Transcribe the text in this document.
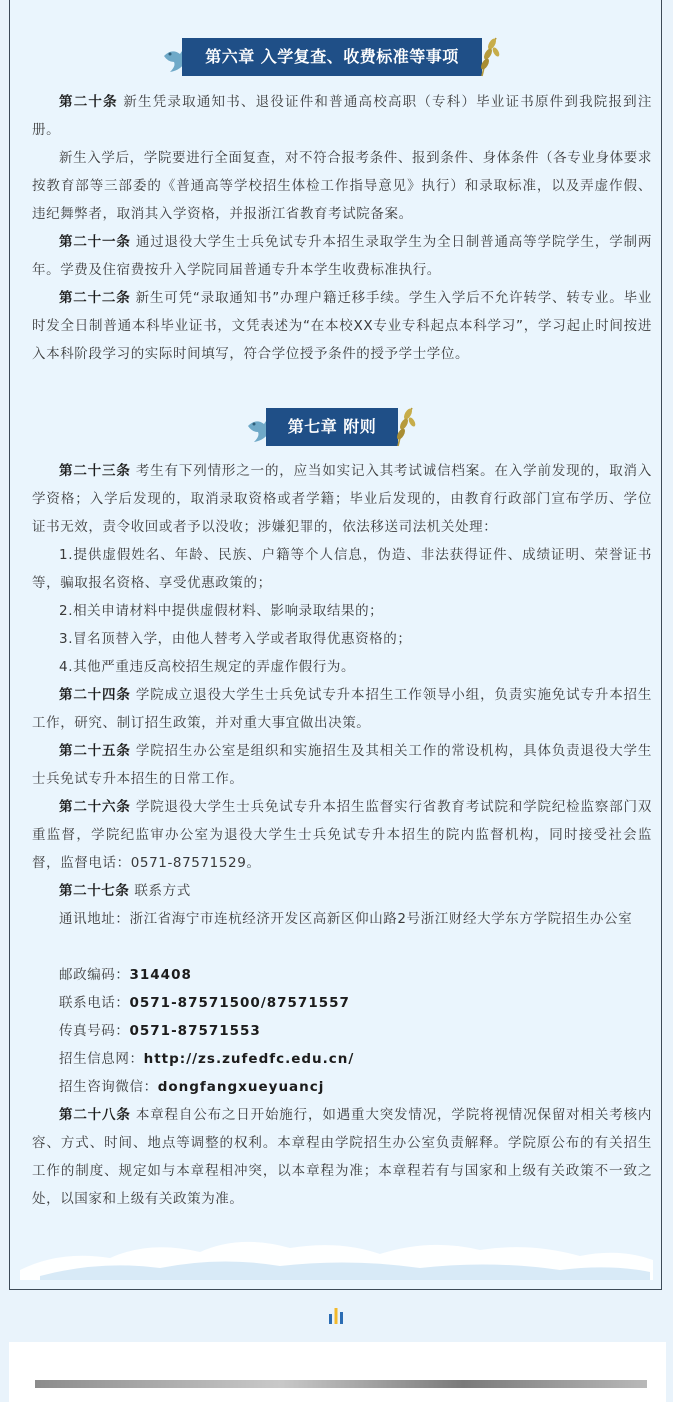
第六章 入学复查、收费标准等事项

第二十条 新生凭录取通知书、退役证件和普通高校高职（专科）毕业证书原件到我院报到注册。

新生入学后，学院要进行全面复查，对不符合报考条件、报到条件、身体条件（各专业身体要求按教育部等三部委的《普通高等学校招生体检工作指导意见》执行）和录取标准，以及弄虚作假、违纪舞弊者，取消其入学资格，并报浙江省教育考试院备案。

第二十一条 通过退役大学生士兵免试专升本招生录取学生为全日制普通高等学院学生，学制两年。学费及住宿费按升入学院同届普通专升本学生收费标准执行。

第二十二条 新生可凭“录取通知书”办理户籍迁移手续。学生入学后不允许转学、转专业。毕业时发全日制普通本科毕业证书，文凭表述为“在本校XX专业专科起点本科学习”，学习起止时间按进入本科阶段学习的实际时间填写，符合学位授予条件的授予学士学位。

第七章 附则

第二十三条 考生有下列情形之一的，应当如实记入其考试诚信档案。在入学前发现的，取消入学资格；入学后发现的，取消录取资格或者学籍；毕业后发现的，由教育行政部门宣布学历、学位证书无效，责令收回或者予以没收；涉嫌犯罪的，依法移送司法机关处理：

1.提供虚假姓名、年龄、民族、户籍等个人信息，伪造、非法获得证件、成绩证明、荣誉证书等，骗取报名资格、享受优惠政策的；

2.相关申请材料中提供虚假材料、影响录取结果的；

3.冒名顶替入学，由他人替考入学或者取得优惠资格的；

4.其他严重违反高校招生规定的弄虚作假行为。

第二十四条 学院成立退役大学生士兵免试专升本招生工作领导小组，负责实施免试专升本招生工作，研究、制订招生政策，并对重大事宜做出决策。

第二十五条 学院招生办公室是组织和实施招生及其相关工作的常设机构，具体负责退役大学生士兵免试专升本招生的日常工作。

第二十六条 学院退役大学生士兵免试专升本招生监督实行省教育考试院和学院纪检监察部门双重监督，学院纪监审办公室为退役大学生士兵免试专升本招生的院内监督机构，同时接受社会监督，监督电话：0571-87571529。

第二十七条 联系方式

通讯地址：浙江省海宁市连杭经济开发区高新区仰山路2号浙江财经大学东方学院招生办公室

邮政编码：314408

联系电话：0571-87571500/87571557

传真号码：0571-87571553

招生信息网：http://zs.zufedfc.edu.cn/

招生咨询微信：dongfangxueyuancj

第二十八条 本章程自公布之日开始施行，如遇重大突发情况，学院将视情况保留对相关考核内容、方式、时间、地点等调整的权利。本章程由学院招生办公室负责解释。学院原公布的有关招生工作的制度、规定如与本章程相冲突，以本章程为准；本章程若有与国家和上级有关政策不一致之处，以国家和上级有关政策为准。
